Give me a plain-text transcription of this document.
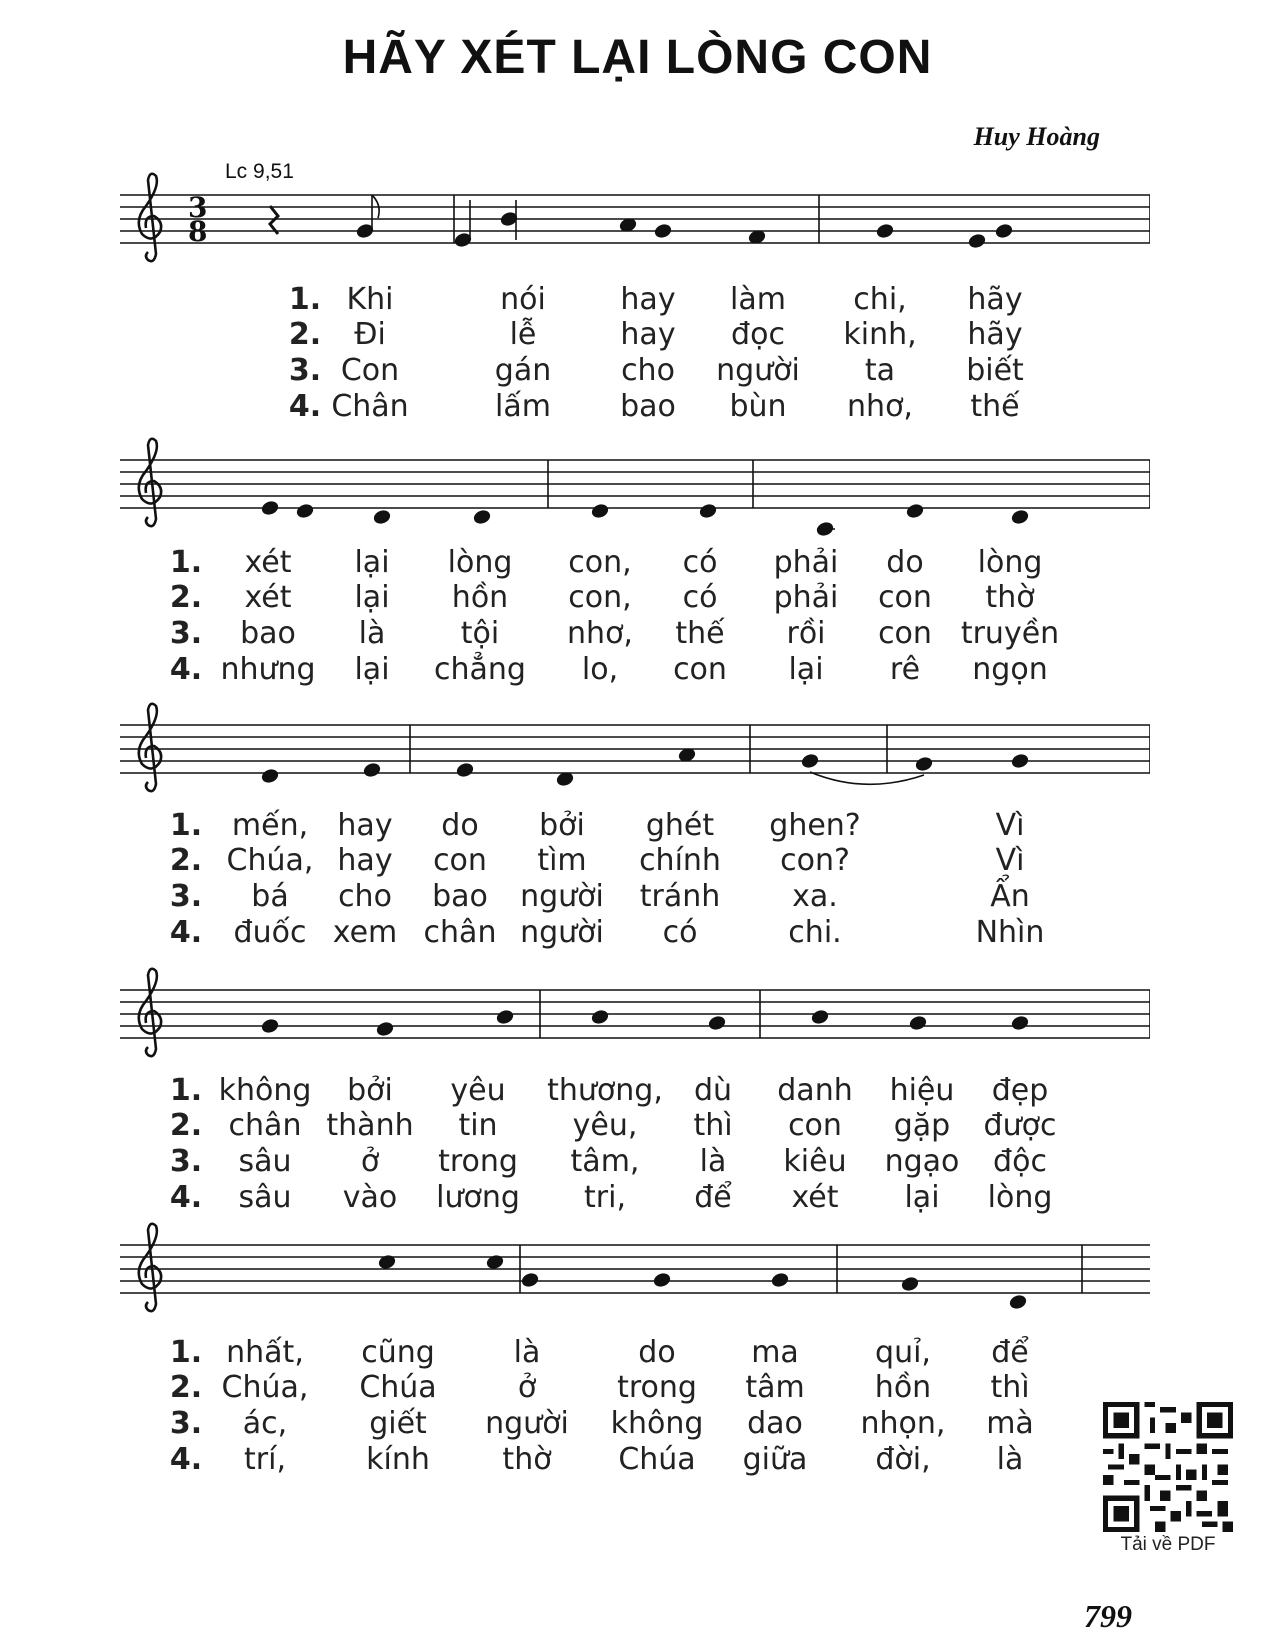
HÃY XÉT LẠI LÒNG CON
Huy Hoàng
Lc 9,51
3
8
1. Khi	nói hay làm chi, hãy
2. Đi	lễ	hay đọc kinh, hãy
3. Con	gán cho người ta biết
4. Chân	lấm bao bùn nhơ, thế
1. xét lại lòng con, có phải do lòng
2. xét lại hồn con, có phải con thờ
3. bao là	tội nhơ, thế rồi con truyền
4. nhưng lại chẳng lo, con lại rê ngọn
1. mến, hay do bởi ghét ghen?	Vì
2. Chúa, hay con tìm chính con?	Vì
3. bá cho bao người tránh xa.	Ẩn
4. đuốc xem chân người có	chi.	Nhìn
1. không bởi yêu thương, dù danh hiệu đẹp
2. chân thành tin	yêu, thì con gặp được
3. sâu ở trong tâm, là kiêu ngạo độc
4. sâu vào lương tri, để xét lại lòng
1. nhất, cũng	là	do	ma	quỉ, để
2. Chúa, Chúa	ở	trong tâm hồn thì
3. ác,	giết người không dao nhọn, mà
4. trí,	kính thờ Chúa giữa đời, là
Tải về PDF
799
